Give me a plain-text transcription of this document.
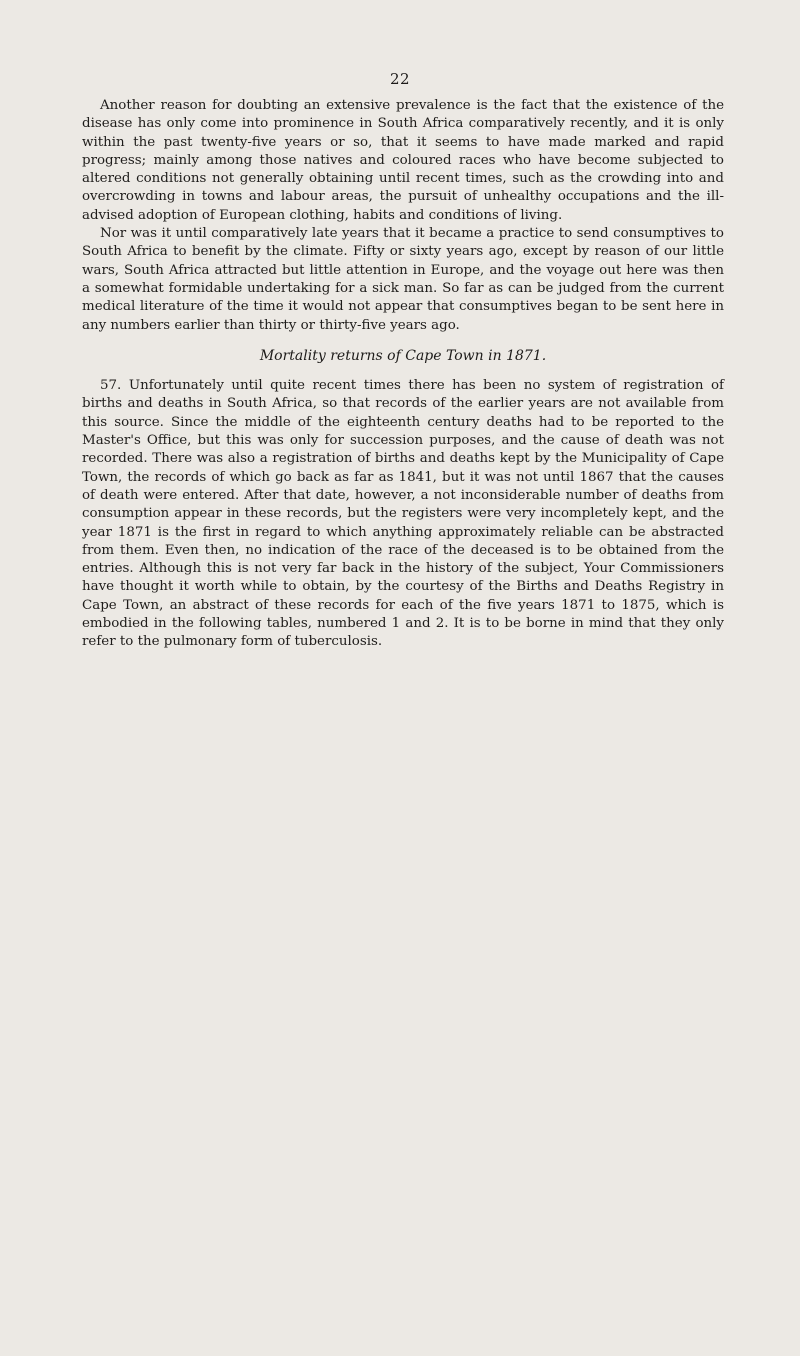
22

Another reason for doubting an extensive prevalence is the fact that the existence of the disease has only come into prominence in South Africa comparatively recently, and it is only within the past twenty-five years or so, that it seems to have made marked and rapid progress; mainly among those natives and coloured races who have become subjected to altered conditions not generally obtaining until recent times, such as the crowding into and overcrowding in towns and labour areas, the pursuit of unhealthy occupations and the ill-advised adoption of European clothing, habits and conditions of living.

Nor was it until comparatively late years that it became a practice to send consumptives to South Africa to benefit by the climate. Fifty or sixty years ago, except by reason of our little wars, South Africa attracted but little attention in Europe, and the voyage out here was then a somewhat formidable undertaking for a sick man. So far as can be judged from the current medical literature of the time it would not appear that consumptives began to be sent here in any numbers earlier than thirty or thirty-five years ago.

Mortality returns of Cape Town in 1871.

57. Unfortunately until quite recent times there has been no system of registration of births and deaths in South Africa, so that records of the earlier years are not available from this source. Since the middle of the eighteenth century deaths had to be reported to the Master's Office, but this was only for succession purposes, and the cause of death was not recorded. There was also a registration of births and deaths kept by the Municipality of Cape Town, the records of which go back as far as 1841, but it was not until 1867 that the causes of death were entered. After that date, however, a not inconsiderable number of deaths from consumption appear in these records, but the registers were very incompletely kept, and the year 1871 is the first in regard to which anything approximately reliable can be abstracted from them. Even then, no indication of the race of the deceased is to be obtained from the entries. Although this is not very far back in the history of the subject, Your Commissioners have thought it worth while to obtain, by the courtesy of the Births and Deaths Registry in Cape Town, an abstract of these records for each of the five years 1871 to 1875, which is embodied in the following tables, numbered 1 and 2. It is to be borne in mind that they only refer to the pulmonary form of tuberculosis.
